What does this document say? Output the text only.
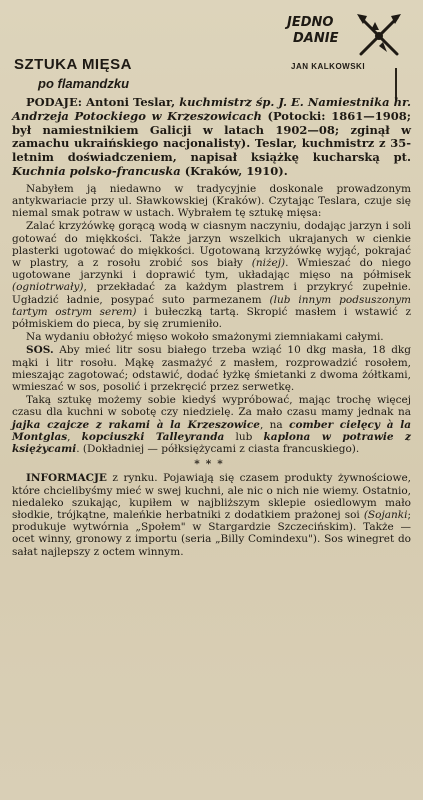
JEDNO
DANIE
JAN KALKOWSKI
SZTUKA MIĘSA
po flamandzku

PODAJE: Antoni Teslar, kuchmistrz śp. J. E. Namiestnika hr. Andrzeja Potockiego w Krzeszowicach (Potocki: 1861—1908; był namiestnikiem Galicji w latach 1902—08; zginął w zamachu ukraińskiego nacjonalisty). Teslar, kuchmistrz z 35-letnim doświadczeniem, napisał książkę kucharską pt. Kuchnia polsko-francuska (Kraków, 1910).

Nabyłem ją niedawno w tradycyjnie doskonale prowadzonym antykwariacie przy ul. Sławkowskiej (Kraków). Czytając Teslara, czuje się niemal smak potraw w ustach. Wybrałem tę sztukę mięsa:

Zalać krzyżówkę gorącą wodą w ciasnym naczyniu, dodając jarzyn i soli gotować do miękkości. Także jarzyn wszelkich ukrajanych w cienkie plasterki ugotować do miękkości. Ugotowaną krzyżówkę wyjąć, pokrajać w plastry, a z rosołu zrobić sos biały (niżej). Wmieszać do niego ugotowane jarzynki i doprawić tym, układając mięso na półmisek (ogniotrwały), przekładać za każdym plastrem i przykryć zupełnie. Ugładzić ładnie, posypać suto parmezanem (lub innym podsuszonym tartym ostrym serem) i bułeczką tartą. Skropić masłem i wstawić z półmiskiem do pieca, by się zrumieniło.

Na wydaniu obłożyć mięso wokoło smażonymi ziemniakami całymi.

SOS. Aby mieć litr sosu białego trzeba wziąć 10 dkg masła, 18 dkg mąki i litr rosołu. Mąkę zasmażyć z masłem, rozprowadzić rosołem, mieszając zagotować; odstawić, dodać łyżkę śmietanki z dwoma żółtkami, wmieszać w sos, posolić i przekręcić przez serwetkę.

Taką sztukę możemy sobie kiedyś wypróbować, mając trochę więcej czasu dla kuchni w sobotę czy niedzielę. Za mało czasu mamy jednak na jajka czajcze z rakami à la Krzeszowice, na comber cielęcy à la Montglas, kopciuszki Talleyranda lub kaplona w potrawie z księżycami. (Dokładniej — półksiężycami z ciasta francuskiego).

***

INFORMACJE z rynku. Pojawiają się czasem produkty żywnościowe, które chcielibyśmy mieć w swej kuchni, ale nic o nich nie wiemy. Ostatnio, niedaleko szukając, kupiłem w najbliższym sklepie osiedlowym mało słodkie, trójkątne, maleńkie herbatniki z dodatkiem prażonej soi (Sojanki; produkuje wytwórnia „Społem" w Stargardzie Szczecińskim). Także — ocet winny, gronowy z importu (seria „Billy Comindexu"). Sos winegret do sałat najlepszy z octem winnym.
